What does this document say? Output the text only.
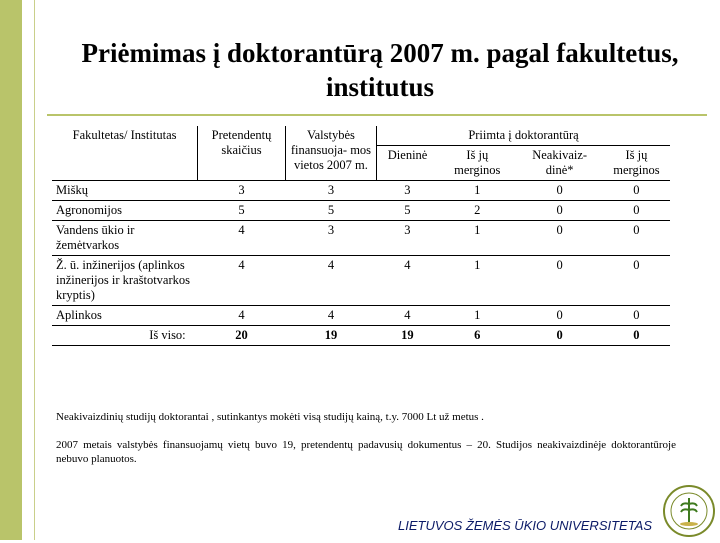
Priėmimas į doktorantūrą 2007 m. pagal fakultetus, institutus
Fakultetas/ Institutas	Pretendentų skaičius	Valstybės finansuoja- mos vietos 2007 m.	Priimta į doktorantūrą			
			Dieninė	Iš jų merginos	Neakivaiz- dinė*	Iš jų merginos
Miškų	3	3	3	1	0	0
Agronomijos	5	5	5	2	0	0
Vandens ūkio ir žemėtvarkos	4	3	3	1	0	0
Ž. ū. inžinerijos (aplinkos inžinerijos ir kraštotvarkos kryptis)	4	4	4	1	0	0
Aplinkos	4	4	4	1	0	0
Iš viso:	20	19	19	6	0	0
Neakivaizdinių studijų doktorantai , sutinkantys mokėti visą studijų kainą, t.y. 7000 Lt už metus .
2007 metais valstybės finansuojamų vietų buvo 19, pretendentų padavusių dokumentus – 20. Studijos neakivaizdinėje doktorantūroje nebuvo planuotos.
LIETUVOS ŽEMĖS ŪKIO UNIVERSITETAS
